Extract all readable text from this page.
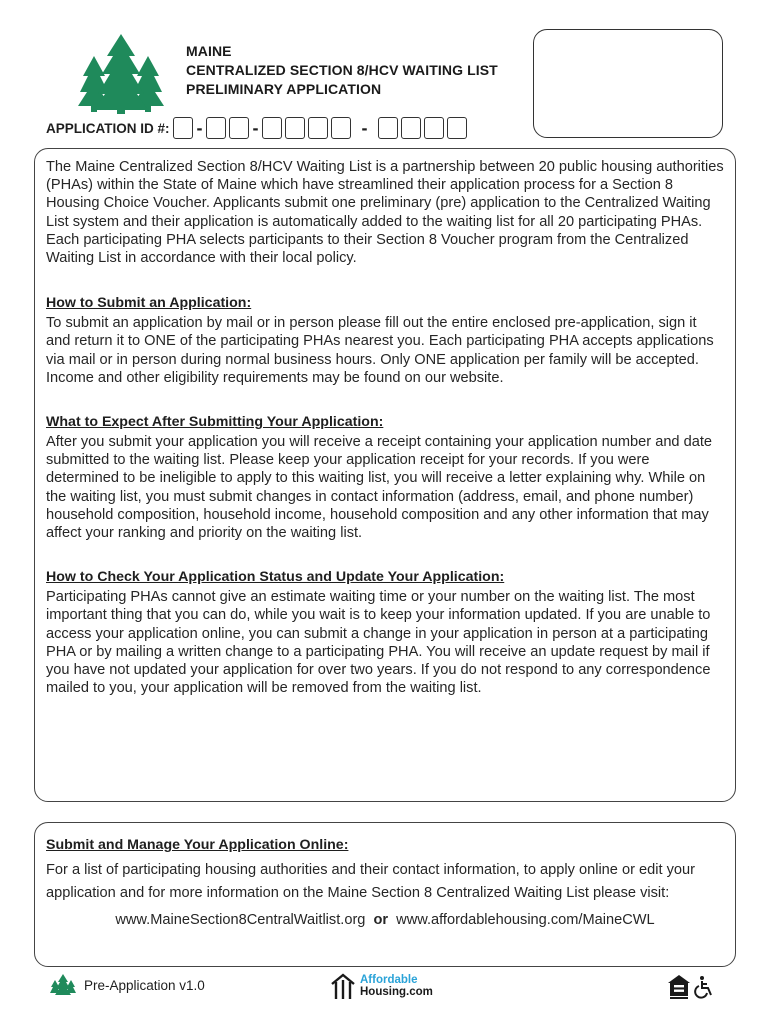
MAINE
CENTRALIZED SECTION 8/HCV WAITING LIST
PRELIMINARY APPLICATION
APPLICATION ID #: -	-	-

The Maine Centralized Section 8/HCV Waiting List is a partnership between 20 public housing authorities (PHAs) within the State of Maine which have streamlined their application process for a Section 8 Housing Choice Voucher. Applicants submit one preliminary (pre) application to the Centralized Waiting List system and their application is automatically added to the waiting list for all 20 participating PHAs. Each participating PHA selects participants to their Section 8 Voucher program from the Centralized Waiting List in accordance with their local policy.

How to Submit an Application:

To submit an application by mail or in person please fill out the entire enclosed pre-application, sign it and return it to ONE of the participating PHAs nearest you. Each participating PHA accepts applications via mail or in person during normal business hours. Only ONE application per family will be accepted. Income and other eligibility requirements may be found on our website.

What to Expect After Submitting Your Application:

After you submit your application you will receive a receipt containing your application number and date submitted to the waiting list. Please keep your application receipt for your records. If you were determined to be ineligible to apply to this waiting list, you will receive a letter explaining why. While on the waiting list, you must submit changes in contact information (address, email, and phone number) household composition, household income, household composition and any other information that may affect your ranking and priority on the waiting list.

How to Check Your Application Status and Update Your Application:

Participating PHAs cannot give an estimate waiting time or your number on the waiting list. The most important thing that you can do, while you wait is to keep your information updated. If you are unable to access your application online, you can submit a change in your application in person at a participating PHA or by mailing a written change to a participating PHA. You will receive an update request by mail if you have not updated your application for over two years. If you do not respond to any correspondence mailed to you, your application will be removed from the waiting list.

Submit and Manage Your Application Online:

For a list of participating housing authorities and their contact information, to apply online or edit your application and for more information on the Maine Section 8 Centralized Waiting List please visit:

www.MaineSection8CentralWaitlist.org or www.affordablehousing.com/MaineCWL
Pre-Application v1.0	Affordable
Housing.com
